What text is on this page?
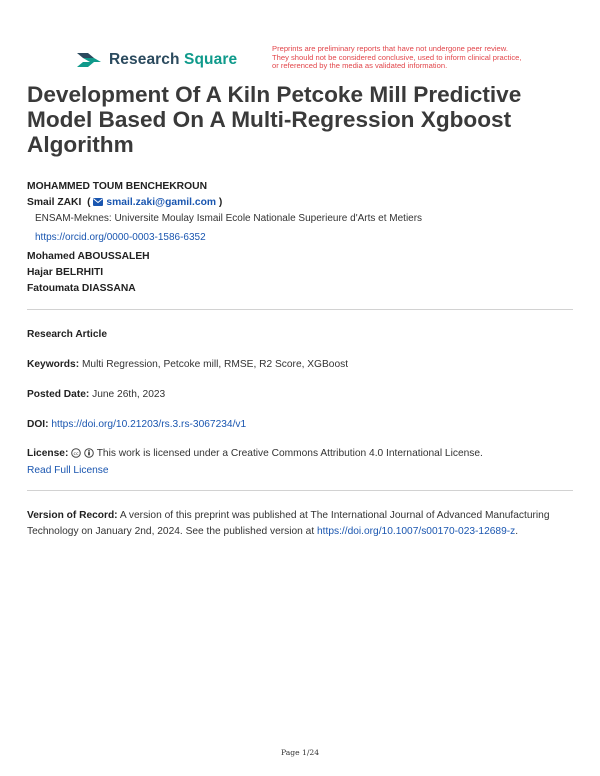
Research Square
Preprints are preliminary reports that have not undergone peer review.
They should not be considered conclusive, used to inform clinical practice,
or referenced by the media as validated information.
Development Of A Kiln Petcoke Mill Predictive Model Based On A Multi-Regression Xgboost Algorithm
MOHAMMED TOUM BENCHEKROUN
Smail ZAKI ( smail.zaki@gamil.com )
ENSAM-Meknes: Universite Moulay Ismail Ecole Nationale Superieure d'Arts et Metiers
https://orcid.org/0000-0003-1586-6352
Mohamed ABOUSSALEH
Hajar BELRHITI
Fatoumata DIASSANA
Research Article
Keywords: Multi Regression, Petcoke mill, RMSE, R2 Score, XGBoost
Posted Date: June 26th, 2023
DOI: https://doi.org/10.21203/rs.3.rs-3067234/v1
License: cc This work is licensed under a Creative Commons Attribution 4.0 International License.
Read Full License
Version of Record: A version of this preprint was published at The International Journal of Advanced Manufacturing Technology on January 2nd, 2024. See the published version at https://doi.org/10.1007/s00170-023-12689-z.
Page 1/24
